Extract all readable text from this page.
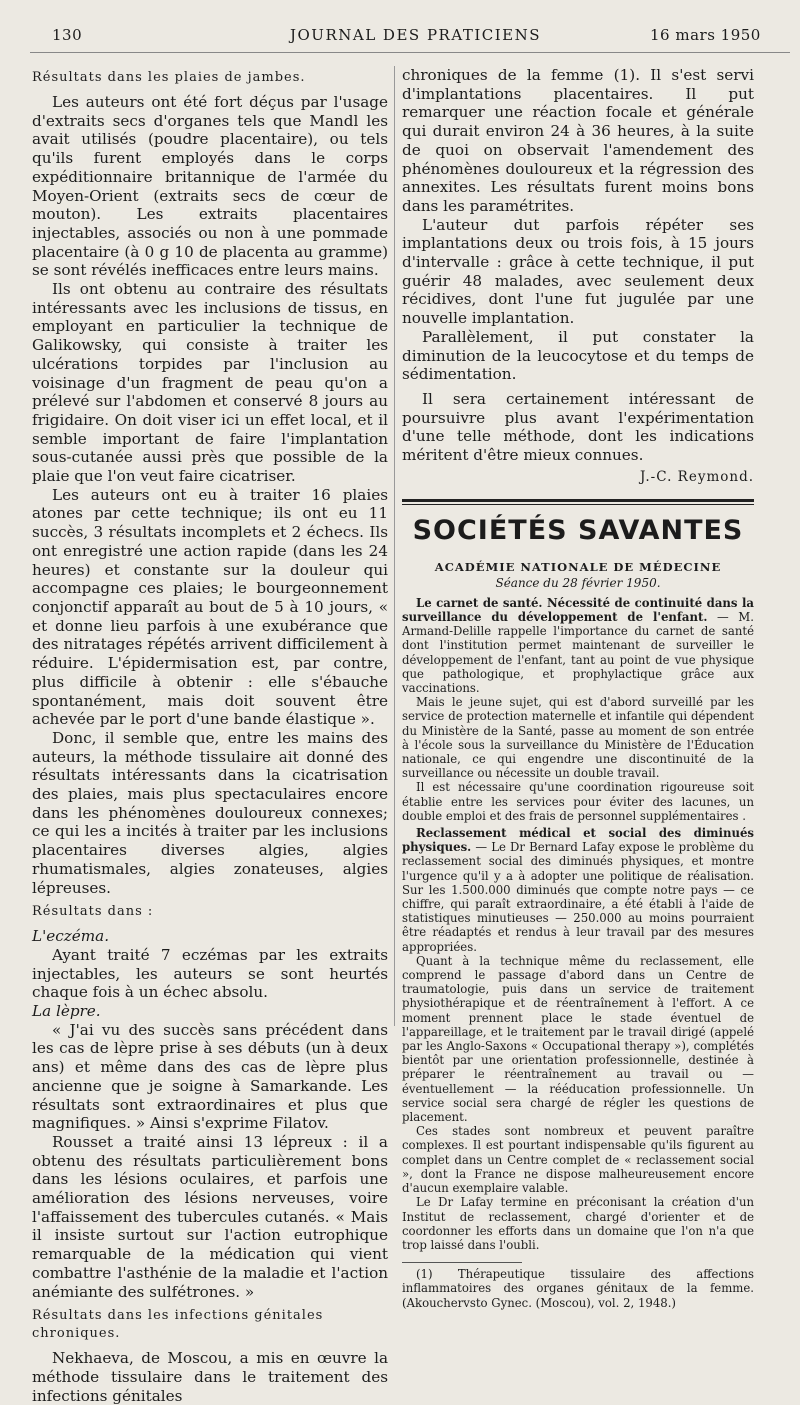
130	JOURNAL DES PRATICIENS	16 mars 1950
Résultats dans les plaies de jambes.

Les auteurs ont été fort déçus par l'usage d'extraits secs d'organes tels que Mandl les avait utilisés (poudre placentaire), ou tels qu'ils furent employés dans le corps expéditionnaire britannique de l'armée du Moyen-Orient (extraits secs de cœur de mouton). Les extraits placentaires injectables, associés ou non à une pommade placentaire (à 0 g 10 de placenta au gramme) se sont révélés inefficaces entre leurs mains.

Ils ont obtenu au contraire des résultats intéressants avec les inclusions de tissus, en employant en particulier la technique de Galikowsky, qui consiste à traiter les ulcérations torpides par l'inclusion au voisinage d'un fragment de peau qu'on a prélevé sur l'abdomen et conservé 8 jours au frigidaire. On doit viser ici un effet local, et il semble important de faire l'implantation sous-cutanée aussi près que possible de la plaie que l'on veut faire cicatriser.

Les auteurs ont eu à traiter 16 plaies atones par cette technique; ils ont eu 11 succès, 3 résultats incomplets et 2 échecs. Ils ont enregistré une action rapide (dans les 24 heures) et constante sur la douleur qui accompagne ces plaies; le bourgeonnement conjonctif apparaît au bout de 5 à 10 jours, « et donne lieu parfois à une exubérance que des nitratages répétés arrivent difficilement à réduire. L'épidermisation est, par contre, plus difficile à obtenir : elle s'ébauche spontanément, mais doit souvent être achevée par le port d'une bande élastique ».

Donc, il semble que, entre les mains des auteurs, la méthode tissulaire ait donné des résultats intéressants dans la cicatrisation des plaies, mais plus spectaculaires encore dans les phénomènes douloureux connexes; ce qui les a incités à traiter par les inclusions placentaires diverses algies, algies rhumatismales, algies zonateuses, algies lépreuses.

Résultats dans :

L'eczéma.

Ayant traité 7 eczémas par les extraits injectables, les auteurs se sont heurtés chaque fois à un échec absolu.

La lèpre.

« J'ai vu des succès sans précédent dans les cas de lèpre prise à ses débuts (un à deux ans) et même dans des cas de lèpre plus ancienne que je soigne à Samarkande. Les résultats sont extraordinaires et plus que magnifiques. » Ainsi s'exprime Filatov.

Rousset a traité ainsi 13 lépreux : il a obtenu des résultats particulièrement bons dans les lésions oculaires, et parfois une amélioration des lésions nerveuses, voire l'affaissement des tubercules cutanés. « Mais il insiste surtout sur l'action eutrophique remarquable de la médication qui vient combattre l'asthénie de la maladie et l'action anémiante des sulfétrones. »

Résultats dans les infections génitales chroniques.

Nekhaeva, de Moscou, a mis en œuvre la méthode tissulaire dans le traitement des infections génitales

chroniques de la femme (1). Il s'est servi d'implantations placentaires. Il put remarquer une réaction focale et générale qui durait environ 24 à 36 heures, à la suite de quoi on observait l'amendement des phénomènes douloureux et la régression des annexites. Les résultats furent moins bons dans les paramétrites.

L'auteur dut parfois répéter ses implantations deux ou trois fois, à 15 jours d'intervalle : grâce à cette technique, il put guérir 48 malades, avec seulement deux récidives, dont l'une fut jugulée par une nouvelle implantation.

Parallèlement, il put constater la diminution de la leucocytose et du temps de sédimentation.

Il sera certainement intéressant de poursuivre plus avant l'expérimentation d'une telle méthode, dont les indications méritent d'être mieux connues.

J.-C. Reymond.
SOCIÉTÉS SAVANTES
ACADÉMIE NATIONALE DE MÉDECINE
Séance du 28 février 1950.

Le carnet de santé. Nécessité de continuité dans la surveillance du développement de l'enfant. — M. Armand-Delille rappelle l'importance du carnet de santé dont l'institution permet maintenant de surveiller le développement de l'enfant, tant au point de vue physique que pathologique, et prophylactique grâce aux vaccinations.

Mais le jeune sujet, qui est d'abord surveillé par les service de protection maternelle et infantile qui dépendent du Ministère de la Santé, passe au moment de son entrée à l'école sous la surveillance du Ministère de l'Éducation nationale, ce qui engendre une discontinuité de la surveillance ou nécessite un double travail.

Il est nécessaire qu'une coordination rigoureuse soit établie entre les services pour éviter des lacunes, un double emploi et des frais de personnel supplémentaires .

Reclassement médical et social des diminués physiques. — Le Dr Bernard Lafay expose le problème du reclassement social des diminués physiques, et montre l'urgence qu'il y a à adopter une politique de réalisation. Sur les 1.500.000 diminués que compte notre pays — ce chiffre, qui paraît extraordinaire, a été établi à l'aide de statistiques minutieuses — 250.000 au moins pourraient être réadaptés et rendus à leur travail par des mesures appropriées.

Quant à la technique même du reclassement, elle comprend le passage d'abord dans un Centre de traumatologie, puis dans un service de traitement physiothérapique et de réentraînement à l'effort. A ce moment prennent place le stade éventuel de l'appareillage, et le traitement par le travail dirigé (appelé par les Anglo-Saxons « Occupational therapy »), complétés bientôt par une orientation professionnelle, destinée à préparer le réentraînement au travail ou — éventuellement — la rééducation professionnelle. Un service social sera chargé de régler les questions de placement.

Ces stades sont nombreux et peuvent paraître complexes. Il est pourtant indispensable qu'ils figurent au complet dans un Centre complet de « reclassement social », dont la France ne dispose malheureusement encore d'aucun exemplaire valable.

Le Dr Lafay termine en préconisant la création d'un Institut de reclassement, chargé d'orienter et de coordonner les efforts dans un domaine que l'on n'a que trop laissé dans l'oubli.

(1) Thérapeutique tissulaire des affections inflammatoires des organes génitaux de la femme. (Akouchervsto Gynec. (Moscou), vol. 2, 1948.)
